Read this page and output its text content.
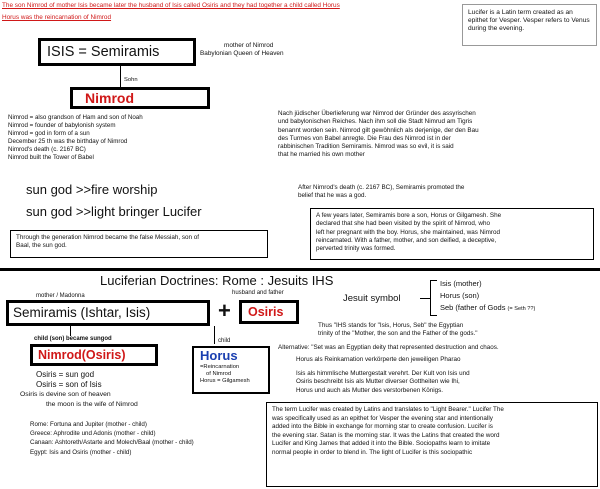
The son Nimrod of mother Isis became later the husband of Isis called Osiris and they had together a child called Horus
Horus was the reincarnation of Nimrod
Lucifer is a Latin term created as an epithet for Vesper. Vesper refers to Venus during the evening.
ISIS = Semiramis	mother of Nimrod
Babylonian Queen of Heaven
Sohn
Nimrod
Nimrod = also grandson of Ham and son of Noah
Nimrod = founder of babylonish system
Nimrod = god in form of a sun
December 25 th was the birthday of Nimrod
Nimrod's death (c. 2167 BC)
Nimrod built the Tower of Babel
Nach jüdischer Überlieferung war Nimrod der Gründer des assyrischen
und babylonischen Reiches. Nach ihm soll die Stadt Nimrud am Tigris
benannt worden sein. Nimrod gilt gewöhnlich als derjenige, der den Bau
des Turmes von Babel anregte. Die Frau des Nimrod ist in der
rabbinischen Tradition Semiramis. Nimrod was so evil, it is said
that he married his own mother
sun god >>fire worship
sun god >>light bringer Lucifer
After Nimrod's death (c. 2167 BC), Semiramis promoted the
belief that he was a god.
Through the generation Nimrod became the false Messiah, son of
Baal, the sun god.
A few years later, Semiramis bore a son, Horus or Gilgamesh. She
declared that she had been visited by the spirit of Nimrod, who
left her pregnant with the boy. Horus, she maintained, was Nimrod
reincarnated. With a father, mother, and son deified, a deceptive,
perverted trinity was formed.
Luciferian Doctrines: Rome : Jesuits IHS
Jesuit symbol
Isis (mother)
Horus (son)
Seb (father of Gods (= Seth ??)
mother / Madonna
Semiramis (Ishtar, Isis)	+
husband and father
Osiris
child (son) became sungod
Nimrod(Osiris)
child
Horus
=Reincarnation
of Nimrod
Horus = Gilgamesh
Thus "IHS stands for "Isis, Horus, Seb" the Egyptian
trinity of the "Mother, the son and the Father of the gods."
Alternative: "Set was an Egyptian deity that represented destruction and chaos.
Horus als Reinkarnation verkörperte den jeweiligen Pharao
Isis als himmlische Muttergestalt verehrt. Der Kult von Isis und
Osiris beschreibt Isis als Mutter diverser Gottheiten wie Ihi,
Horus und auch als Mutter des verstorbenen Königs.
Osiris = sun god
Osiris = son of Isis
Osiris is devine son of heaven
the moon is the wife of Nimrod
Rome: Fortuna and Jupiter (mother - child)
Greece: Aphrodite und Adonis (mother - child)
Canaan: Ashtoreth/Astarte and Molech/Baal (mother - child)
Egypt: Isis and Osiris (mother - child)
The term Lucifer was created by Latins and translates to "Light Bearer." Lucifer The
was specifically used as an epithet for Vesper the evening star and intentionally
added into the Bible in exchange for morning star to create confusion. Lucifer is
the evening star. Satan is the morning star. It was the Latins that created the word
Lucifer and King James that added it into the Bible. Sociopaths learn to imitate
normal people in order to blend in. The light of Lucifer is this sociopathic
